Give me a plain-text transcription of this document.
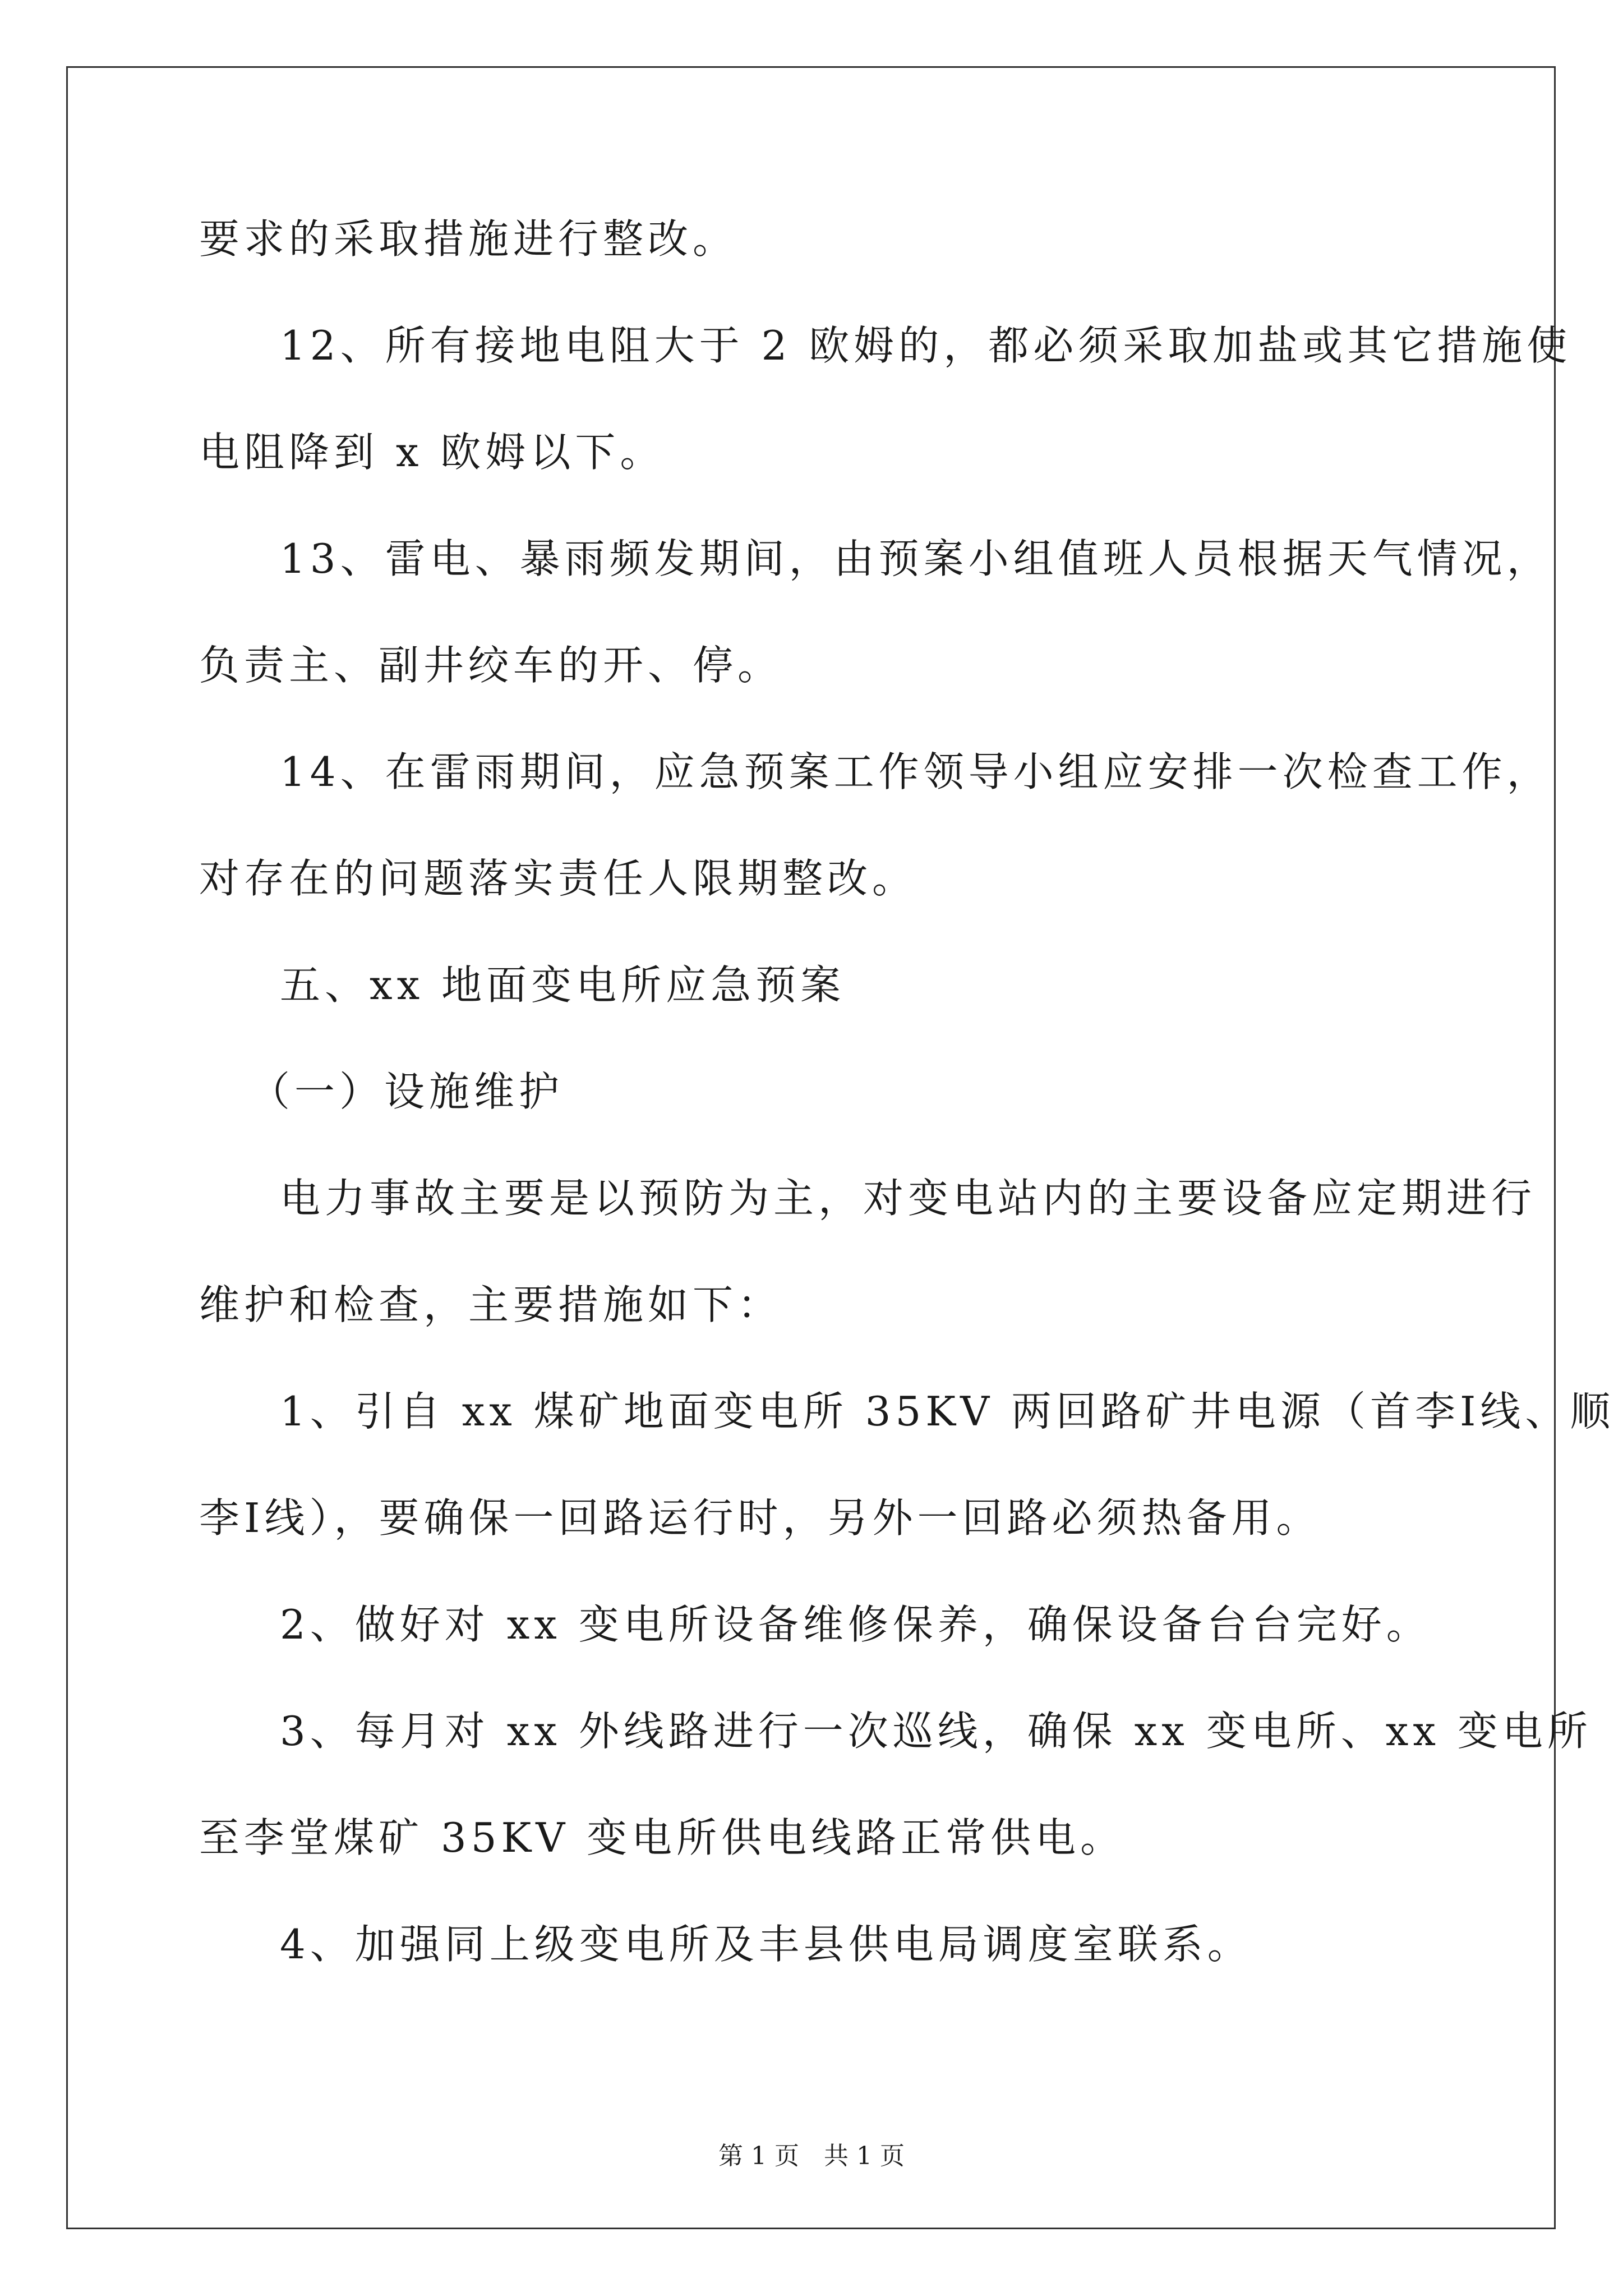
要求的采取措施进行整改。

12、所有接地电阻大于 2 欧姆的，都必须采取加盐或其它措施使

电阻降到 x 欧姆以下。

13、雷电、暴雨频发期间，由预案小组值班人员根据天气情况，

负责主、副井绞车的开、停。

14、在雷雨期间，应急预案工作领导小组应安排一次检查工作，

对存在的问题落实责任人限期整改。

五、xx 地面变电所应急预案

（一）设施维护

电力事故主要是以预防为主，对变电站内的主要设备应定期进行

维护和检查，主要措施如下：

1、引自 xx 煤矿地面变电所 35KV 两回路矿井电源（首李Ⅰ线、顺

李Ⅰ线），要确保一回路运行时，另外一回路必须热备用。

2、做好对 xx 变电所设备维修保养，确保设备台台完好。

3、每月对 xx 外线路进行一次巡线，确保 xx 变电所、xx 变电所

至李堂煤矿 35KV 变电所供电线路正常供电。

4、加强同上级变电所及丰县供电局调度室联系。

第 1 页　共 1 页
